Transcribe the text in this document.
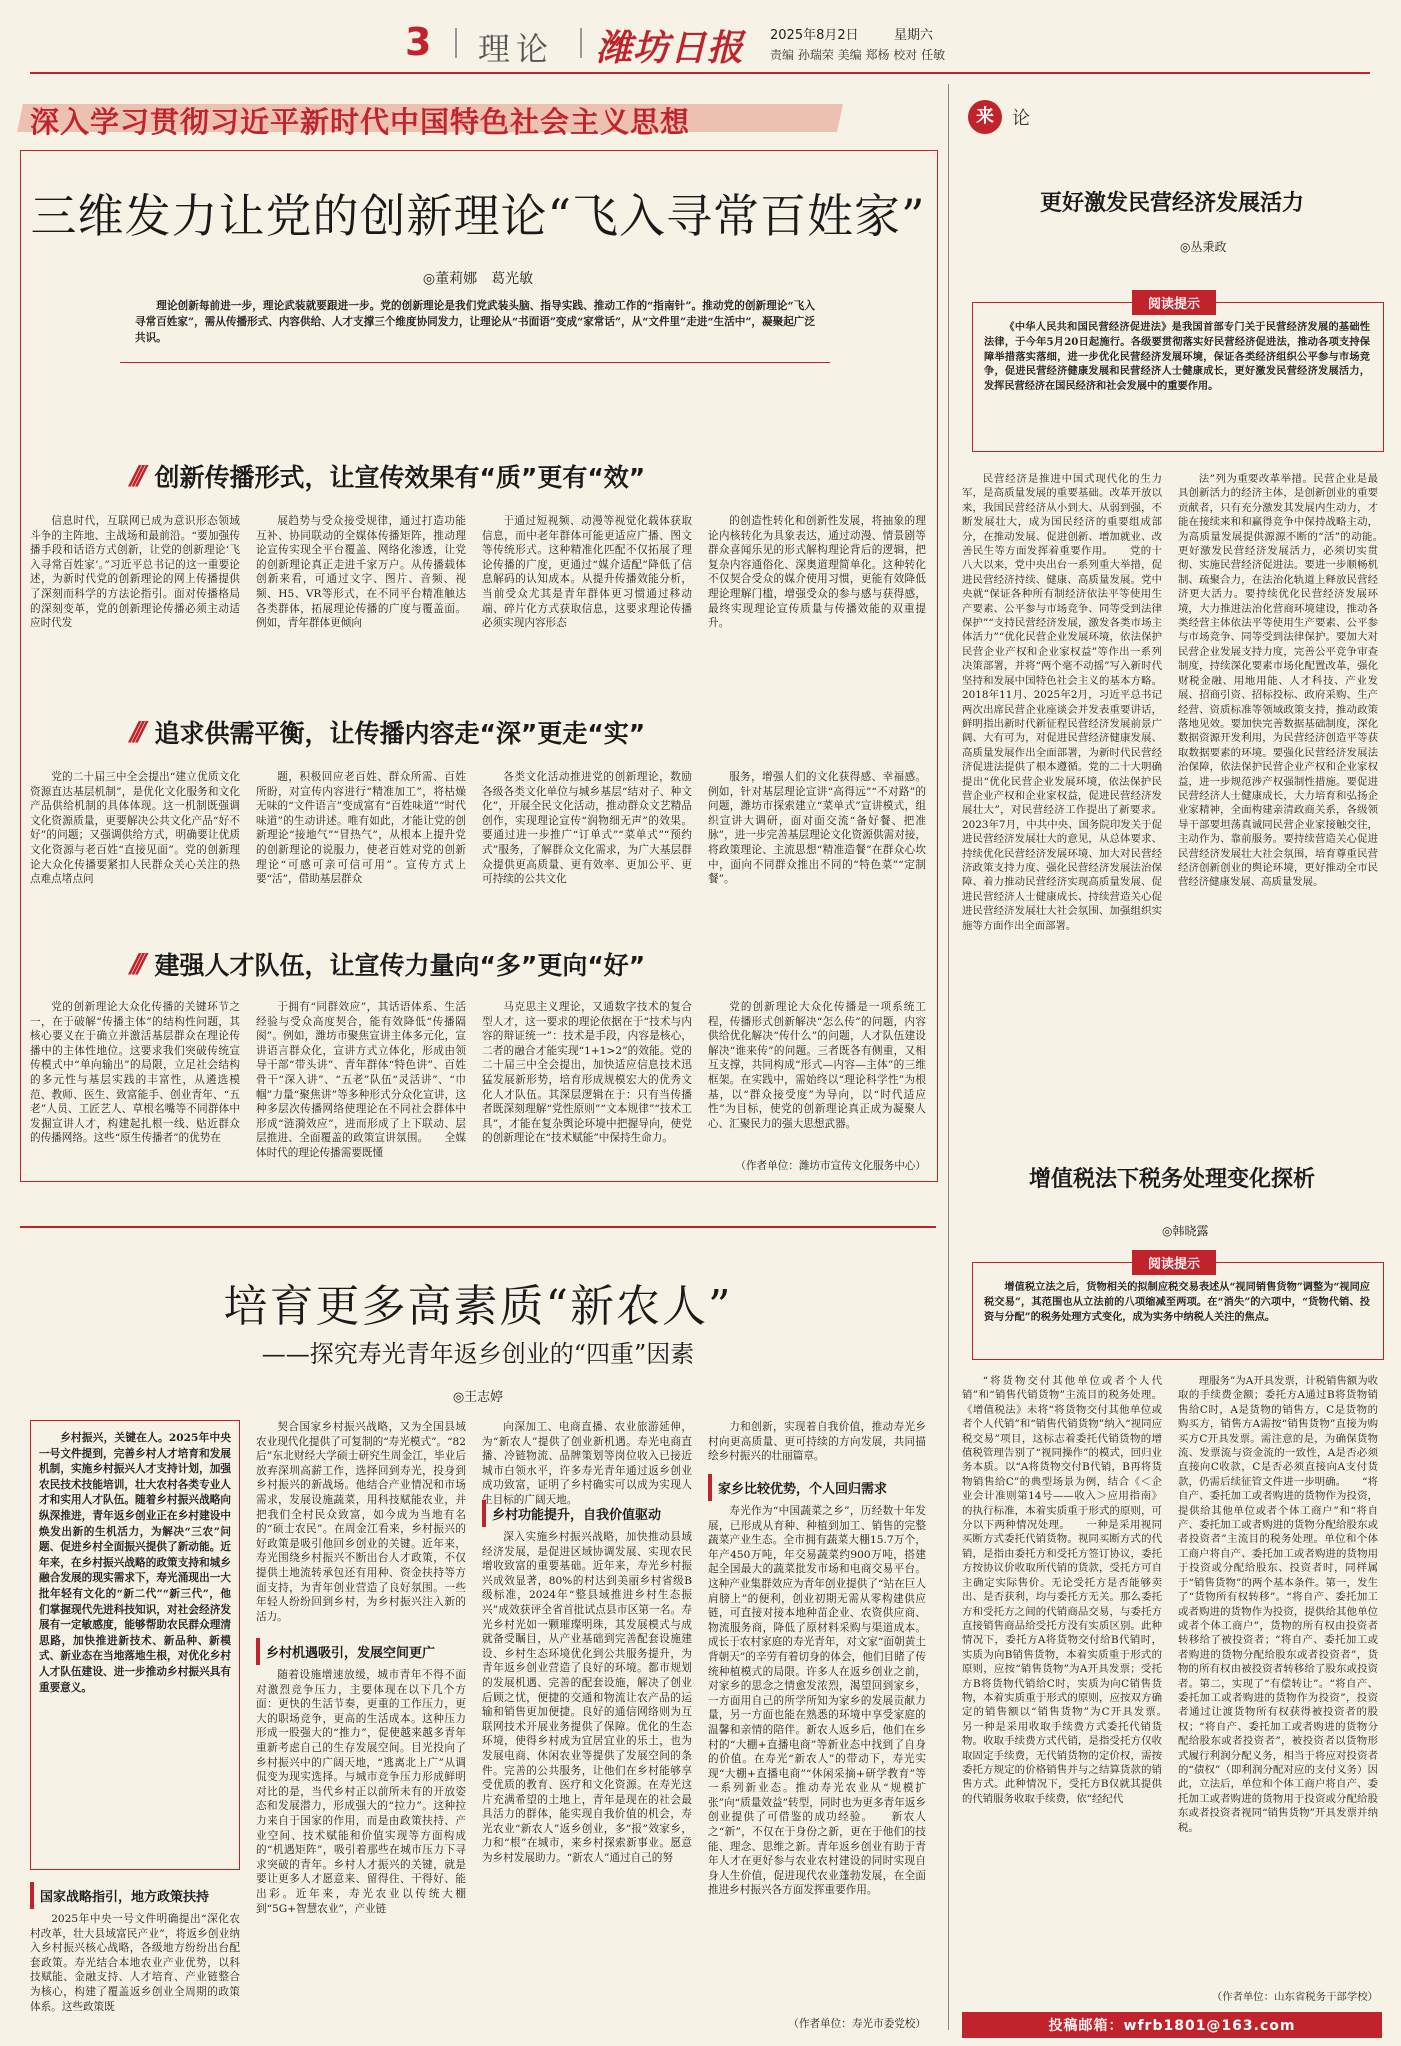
3 理论 潍坊日报 2025年8月2日	星期六
责编 孙瑞荣 美编 郑杨 校对 任敏
深入学习贯彻习近平新时代中国特色社会主义思想
三维发力让党的创新理论“飞入寻常百姓家”
◎董莉娜　葛光敏

理论创新每前进一步，理论武装就要跟进一步。党的创新理论是我们党武装头脑、指导实践、推动工作的“指南针”。推动党的创新理论“飞入寻常百姓家”，需从传播形式、内容供给、人才支撑三个维度协同发力，让理论从“书面语”变成“家常话”，从“文件里”走进“生活中”，凝聚起广泛共识。

/// 创新传播形式，让宣传效果有“质”更有“效”

信息时代，互联网已成为意识形态领域斗争的主阵地、主战场和最前沿。“要加强传播手段和话语方式创新，让党的创新理论‘飞入寻常百姓家’。”习近平总书记的这一重要论述，为新时代党的创新理论的网上传播提供了深刻而科学的方法论指引。面对传播格局的深刻变革，党的创新理论传播必须主动适应时代发

展趋势与受众接受规律，通过打造功能互补、协同联动的全媒体传播矩阵，推动理论宣传实现全平台覆盖、网络化渗透，让党的创新理论真正走进千家万户。从传播载体创新来看，可通过文字、图片、音频、视频、H5、VR等形式，在不同平台精准触达各类群体，拓展理论传播的广度与覆盖面。例如，青年群体更倾向

于通过短视频、动漫等视觉化载体获取信息，而中老年群体可能更适应广播、图文等传统形式。这种精准化匹配不仅拓展了理论传播的广度，更通过“媒介适配”降低了信息解码的认知成本。从提升传播效能分析，当前受众尤其是青年群体更习惯通过移动端、碎片化方式获取信息，这要求理论传播必须实现内容形态

的创造性转化和创新性发展，将抽象的理论内核转化为具象表达，通过动漫、情景剧等群众喜闻乐见的形式解构理论背后的逻辑，把复杂内容通俗化、深奥道理简单化。这种转化不仅契合受众的媒介使用习惯，更能有效降低理论理解门槛，增强受众的参与感与获得感，最终实现理论宣传质量与传播效能的双重提升。

/// 追求供需平衡，让传播内容走“深”更走“实”

党的二十届三中全会提出“建立优质文化资源直达基层机制”，是优化文化服务和文化产品供给机制的具体体现。这一机制既强调文化资源质量，更要解决公共文化产品“好不好”的问题；又强调供给方式，明确要让优质文化资源与老百姓“直接见面”。党的创新理论大众化传播要紧扣人民群众关心关注的热点难点堵点问

题，积极回应老百姓、群众所需、百姓所盼，对宣传内容进行“精准加工”，将枯燥无味的“文件语言”变成富有“百姓味道”“时代味道”的生动讲述。唯有如此，才能让党的创新理论“接地气”“冒热气”，从根本上提升党的创新理论的说服力，使老百姓对党的创新理论“可感可亲可信可用”。宣传方式上要“活”，借助基层群众

各类文化活动推进党的创新理论，数励各级各类文化单位与城乡基层“结对子、种文化”，开展全民文化活动，推动群众文艺精品创作，实现理论宣传“润物细无声”的效果。要通过进一步推广“订单式”“菜单式”“预约式”服务，了解群众文化需求，为广大基层群众提供更高质量、更有效率、更加公平、更可持续的公共文化

服务，增强人们的文化获得感、幸福感。例如，针对基层理论宣讲“高得远”“不对路”的问题，潍坊市探索建立“菜单式”宣讲模式，组织宣讲大调研，面对面交流“备好餐、把准脉”，进一步完善基层理论文化资源供需对接，将政策理论、主流思想“精准造餐”在群众心坎中，面向不同群众推出不同的“特色菜”“定制餐”。

/// 建强人才队伍，让宣传力量向“多”更向“好”

党的创新理论大众化传播的关键环节之一，在于破解“传播主体”的结构性问题，其核心要义在于确立并激活基层群众在理论传播中的主体性地位。这要求我们突破传统宣传模式中“单向输出”的局限，立足社会结构的多元性与基层实践的丰富性，从遴选模范、教师、医生、致富能手、创业青年、“五老”人员、工匠艺人、草根名嘴等不同群体中发掘宣讲人才，构建起扎根一线、贴近群众的传播网络。这些“原生传播者”的优势在

于拥有“同群效应”，其话语体系、生活经验与受众高度契合，能有效降低“传播隔阂”。例如，潍坊市聚焦宣讲主体多元化，宣讲语言群众化，宣讲方式立体化，形成由领导干部“带头讲”、青年群体“特色讲”、百姓骨干“深入讲”、“五老”队伍“灵活讲”、“巾帼”力量“聚焦讲”等多种形式分众化宣讲，这种多层次传播网络使理论在不同社会群体中形成“涟漪效应”，进而形成了上下联动、层层推进、全面覆盖的政策宣讲氛围。　　全媒体时代的理论传播需要既懂

马克思主义理论，又通数字技术的复合型人才，这一要求的理论依据在于“技术与内容的辩证统一”：技术是手段，内容是核心，二者的融合才能实现“1+1>2”的效能。党的二十届三中全会提出，加快适应信息技术迅猛发展新形势，培育形成规模宏大的优秀文化人才队伍。其深层逻辑在于：只有当传播者既深刻理解“党性原则”“文本规律”“技术工具”，才能在复杂舆论环境中把握导向，使党的创新理论在“技术赋能”中保持生命力。

党的创新理论大众化传播是一项系统工程，传播形式创新解决“怎么传”的问题，内容供给优化解决“传什么”的问题，人才队伍建设解决“谁来传”的问题。三者既各有侧重，又相互支撑，共同构成“形式—内容—主体”的三维框架。在实践中，需始终以“理论科学性”为根基，以“群众接受度”为导向，以“时代适应性”为目标，使党的创新理论真正成为凝聚人心、汇聚民力的强大思想武器。

（作者单位：潍坊市宣传文化服务中心）
培育更多高素质“新农人”
——探究寿光青年返乡创业的“四重”因素
◎王志婷

乡村振兴，关键在人。2025年中央一号文件提到，完善乡村人才培育和发展机制，实施乡村振兴人才支持计划，加强农民技术技能培训，壮大农村各类专业人才和实用人才队伍。随着乡村振兴战略向纵深推进，青年返乡创业正在乡村建设中焕发出新的生机活力，为解决“三农”问题、促进乡村全面振兴提供了新动能。近年来，在乡村振兴战略的政策支持和城乡融合发展的现实需求下，寿光涌现出一大批年轻有文化的“新二代”“新三代”，他们掌握现代先进科技知识，对社会经济发展有一定敏感度，能够帮助农民群众理清思路，加快推进新技术、新品种、新模式、新业态在当地落地生根，对优化乡村人才队伍建设、进一步推动乡村振兴具有重要意义。

国家战略指引，地方政策扶持

2025年中央一号文件明确提出“深化农村改革，壮大县域富民产业”，将返乡创业纳入乡村振兴核心战略，各级地方纷纷出台配套政策。寿光结合本地农业产业优势，以科技赋能、金融支持、人才培育、产业链整合为核心，构建了覆盖返乡创业全周期的政策体系。这些政策既

契合国家乡村振兴战略，又为全国县域农业现代化提供了可复制的“寿光模式”。“82后”东北财经大学硕士研究生周金江，毕业后放弃深圳高薪工作，选择回到寿光，投身到乡村振兴的新战场。他结合产业情况和市场需求，发展设施蔬菜，用科技赋能农业，并把我们全村民众致富，如今成为当地有名的“硕士农民”。在周金江看来，乡村振兴的好政策是吸引他回乡创业的关键。近年来，寿光围绕乡村振兴不断出台人才政策，不仅提供土地流转承包还有用种、资金扶持等方面支持，为青年创业营造了良好氛围。一些年轻人纷纷回到乡村，为乡村振兴注入新的活力。

乡村机遇吸引，发展空间更广

随着设施增速放缓，城市青年不得不面对激烈竞争压力，主要体现在以下几个方面：更快的生活节奏，更重的工作压力，更大的职场竞争，更高的生活成本。这种压力形成一股强大的“推力”，促使越来越多青年重新考虑自己的生存发展空间。目光投向了乡村振兴中的广阔天地，“逃离北上广”从调侃变为现实选择。与城市竞争压力形成鲜明对比的是，当代乡村正以前所未有的开放姿态和发展潜力，形成强大的“拉力”。这种拉力来自于国家的作用，而是由政策扶持、产业空间、技术赋能和价值实现等方面构成的“机遇矩阵”，吸引着那些在城市压力下寻求突破的青年。乡村人才振兴的关键，就是要让更多人才愿意来、留得住、干得好、能出彩。近年来，寿光农业以传统大棚到“5G+智慧农业”，产业链

向深加工、电商直播、农业旅游延伸，为“新农人”提供了创业新机遇。寿光电商直播、冷链物流、品牌策划等岗位收入已接近城市白领水平，许多寿光青年通过返乡创业成功致富，证明了乡村确实可以成为实现人生目标的广阔天地。

乡村功能提升，自我价值驱动

深入实施乡村振兴战略，加快推动县域经济发展，是促进区域协调发展、实现农民增收致富的重要基础。近年来，寿光乡村振兴成效显著，80%的村达到美丽乡村省级B级标准，2024年“整县域推进乡村生态振兴”成效获评全省首批试点县市区第一名。寿光乡村光如一颗璀璨明珠，其发展模式与成就备受瞩目，从产业基础到完善配套设施建设、乡村生态环境优化到公共服务提升，为青年返乡创业营造了良好的环境。都市规划的发展机遇、完善的配套设施，解决了创业后顾之忧，便捷的交通和物流让农产品的运输和销售更加便捷。良好的通信网络则为互联网技术开展业务提供了保障。优化的生态环境，使得乡村成为宜居宜业的乐土，也为发展电商、休闲农业等提供了发展空间的条件。完善的公共服务，让他们在乡村能够享受优质的教育、医疗和文化资源。在寿光这片充满希望的土地上，青年是现在的社会最具活力的群体，能实现自我价值的机会，寿光农业“新农人”返乡创业，多“报”效家乡，力和“根”在城市，来乡村探索新事业。愿意为乡村发展助力。“新农人”通过自己的努

力和创新，实现着自我价值，推动寿光乡村向更高质量、更可持续的方向发展，共同描绘乡村振兴的壮丽篇章。

家乡比较优势，个人回归需求

寿光作为“中国蔬菜之乡”，历经数十年发展，已形成从育种、种植到加工、销售的完整蔬菜产业生态。全市拥有蔬菜大棚15.7万个，年产450万吨，年交易蔬菜约900万吨，搭建起全国最大的蔬菜批发市场和电商交易平台。这种产业集群效应为青年创业提供了“站在巨人肩膀上”的便利，创业初期无需从零构建供应链，可直接对接本地种苗企业、农资供应商、物流服务商，降低了原材料采购与渠道成本。成长于农村家庭的寿光青年，对文家“面朝黄土背朝天”的辛劳有着切身的体会，他们目睹了传统种植模式的局限。许多人在返乡创业之前，对家乡的思念之情愈发浓烈，渴望回到家乡，一方面用自己的所学所知为家乡的发展贡献力量，另一方面也能在熟悉的环境中享受家庭的温馨和亲情的陪伴。新农人返乡后，他们在乡村的“大棚+直播电商”等新业态中找到了自身的价值。在寿光“新农人”的带动下，寿光实现“大棚+直播电商”“休闲采摘+研学教育”等一系列新业态。推动寿光农业从“规模扩张”向“质量效益”转型，同时也为更多青年返乡创业提供了可借鉴的成功经验。　　新农人之“新”，不仅在于身份之新，更在于他们的技能、理念、思维之新。青年返乡创业有助于青年人才在更好参与农业农村建设的同时实现自身人生价值，促进现代农业蓬勃发展，在全面推进乡村振兴各方面发挥重要作用。

（作者单位：寿光市委党校）
来	论
更好激发民营经济发展活力
◎丛秉政
阅读提示

《中华人民共和国民营经济促进法》是我国首部专门关于民营经济发展的基础性法律，于今年5月20日起施行。各级要贯彻落实好民营经济促进法，推动各项支持保障举措落实落细，进一步优化民营经济发展环境，保证各类经济组织公平参与市场竞争，促进民营经济健康发展和民营经济人士健康成长，更好激发民营经济发展活力，发挥民营经济在国民经济和社会发展中的重要作用。

民营经济是推进中国式现代化的生力军，是高质量发展的重要基础。改革开放以来，我国民营经济从小到大、从弱到强，不断发展壮大，成为国民经济的重要组成部分，在推动发展、促进创新、增加就业、改善民生等方面发挥着重要作用。　　党的十八大以来，党中央出台一系列重大举措，促进民营经济持续、健康、高质量发展。党中央就“保证各种所有制经济依法平等使用生产要素、公平参与市场竞争、同等受到法律保护”“支持民营经济发展，激发各类市场主体活力”“优化民营企业发展环境，依法保护民营企业产权和企业家权益”等作出一系列决策部署，并将“两个毫不动摇”写入新时代坚持和发展中国特色社会主义的基本方略。2018年11月、2025年2月，习近平总书记两次出席民营企业座谈会并发表重要讲话，鲜明指出新时代新征程民营经济发展前景广阔、大有可为，对促进民营经济健康发展、高质量发展作出全面部署，为新时代民营经济促进法提供了根本遵循。党的二十大明确提出“优化民营企业发展环境，依法保护民营企业产权和企业家权益，促进民营经济发展壮大”，对民营经济工作提出了新要求。2023年7月，中共中央、国务院印发关于促进民营经济发展壮大的意见，从总体要求、持续优化民营经济发展环境、加大对民营经济政策支持力度、强化民营经济发展法治保障、着力推动民营经济实现高质量发展、促进民营经济人士健康成长、持续营造关心促进民营经济发展壮大社会氛围、加强组织实施等方面作出全面部署。

法”列为重要改革举措。民营企业是最具创新活力的经济主体，是创新创业的重要贡献者，只有充分激发其发展内生动力，才能在接续来和和赢得竞争中保持战略主动，为高质量发展提供源源不断的“活”的动能。　　更好激发民营经济发展活力，必须切实贯彻、实施民营经济促进法。要进一步顺畅机制、疏聚合力，在法治化轨道上释放民营经济更大活力。要持续优化民营经济发展环境，大力推进法治化营商环境建设，推动各类经营主体依法平等使用生产要素、公平参与市场竞争、同等受到法律保护。要加大对民营企业发展支持力度，完善公平竞争审查制度，持续深化要素市场化配置改革，强化财税金融、用地用能、人才科技、产业发展、招商引资、招标投标、政府采购、生产经营、资质标准等领域政策支持，推动政策落地见效。要加快完善数据基础制度，深化数据资源开发利用，为民营经济创造平等获取数据要素的环境。要强化民营经济发展法治保障，依法保护民营企业产权和企业家权益，进一步规范涉产权强制性措施。要促进民营经济人士健康成长，大力培育和弘扬企业家精神，全面构建亲清政商关系，各级领导干部要坦荡真诚同民营企业家接触交往，主动作为、靠前服务。要持续营造关心促进民营经济发展壮大社会氛围，培育尊重民营经济创新创业的舆论环境，更好推动全市民营经济健康发展、高质量发展。

增值税法下税务处理变化探析
◎韩晓露
阅读提示

增值税立法之后，货物相关的拟制应税交易表述从“视同销售货物”调整为“视同应税交易”，其范围也从立法前的八项缩减至两项。在“消失”的六项中，“货物代销、投资与分配”的税务处理方式变化，成为实务中纳税人关注的焦点。

“将货物交付其他单位或者个人代销”和“销售代销货物”主流目的税务处理。《增值税法》未将“将货物交付其他单位或者个人代销”和“销售代销货物”纳入“视同应税交易”项目，这标志着委托代销货物的增值税管理告别了“视同操作”的模式，回归业务本质。以“A将货物交付B代销，B再将货物销售给C”的典型场景为例，结合《＜企业会计准则第14号——收入＞应用指南》的执行标准，本着实质重于形式的原则，可分以下两种情况处理。　　一种是采用视同买断方式委托代销货物。视同买断方式的代销，是指由委托方和受托方签订协议，委托方按协议价收取所代销的货款，受托方可自主确定实际售价。无论受托方是否能够卖出、是否获利，均与委托方无关。那么委托方和受托方之间的代销商品交易，与委托方直接销售商品给受托方没有实质区别。此种情况下，委托方A将货物交付给B代销时，实质为向B销售货物，本着实质重于形式的原则，应按“销售货物”为A开具发票；受托方B将货物代销给C时，实质为向C销售货物，本着实质重于形式的原则，应按双方确定的销售额以“销售货物”为C开具发票。　　另一种是采用收取手续费方式委托代销货物。收取手续费方式代销，是指受托方仅收取固定手续费，无代销货物的定价权，需按委托方规定的价格销售并与之结算货款的销售方式。此种情况下，受托方B仅就其提供的代销服务收取手续费，依“经纪代

理服务”为A开具发票，计税销售额为收取的手续费金额；委托方A通过B将货物销售给C时，A是货物的销售方，C是货物的购买方，销售方A需按“销售货物”直接为购买方C开具发票。需注意的是，为确保货物流、发票流与资金流的一致性，A是否必须直接向C收款，C是否必须直接向A支付货款，仍需后续征管文件进一步明确。　　“将自产、委托加工或者购进的货物作为投资，提供给其他单位或者个体工商户”和“将自产、委托加工或者购进的货物分配给股东或者投资者”主流目的税务处理。单位和个体工商户将自产、委托加工或者购进的货物用于投资或分配给股东、投资者时，同样属于“销售货物”的两个基本条件。第一，发生了“货物所有权转移”。“将自产、委托加工或者购进的货物作为投资，提供给其他单位或者个体工商户”，货物的所有权由投资者转移给了被投资者；“将自产、委托加工或者购进的货物分配给股东或者投资者”，货物的所有权由被投资者转移给了股东或投资者。第二，实现了“有偿转让”。“将自产、委托加工或者购进的货物作为投资”，投资者通过让渡货物所有权获得被投资者的股权；“将自产、委托加工或者购进的货物分配给股东或者投资者”，被投资者以货物形式履行利润分配义务，相当于将应对投资者的“债权”（即利润分配对应的支付义务）因此，立法后，单位和个体工商户将自产、委托加工或者购进的货物用于投资或分配给股东或者投资者视同“销售货物”开具发票并纳税。

（作者单位：山东省税务干部学校）
投稿邮箱：wfrb1801@163.com
